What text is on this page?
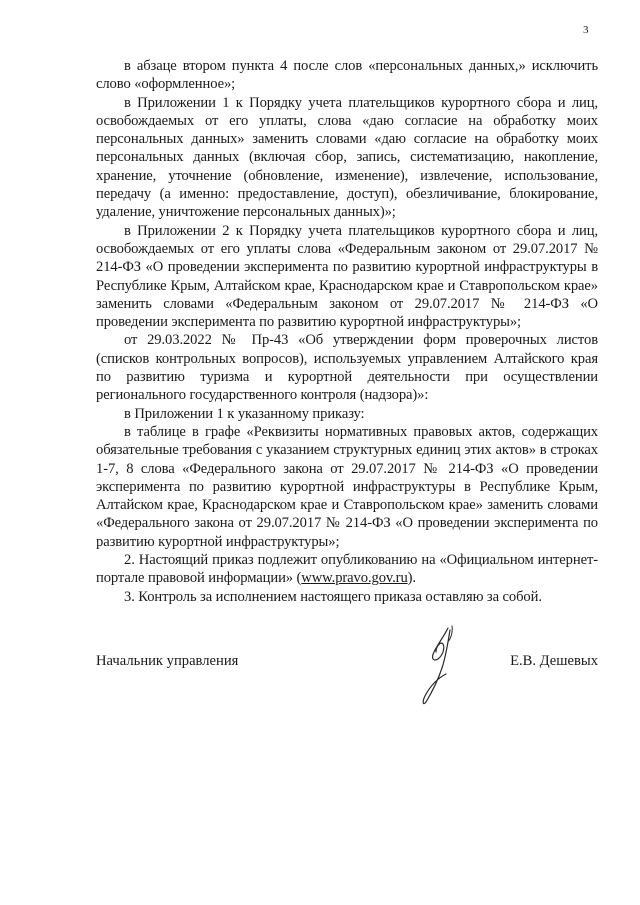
3

в абзаце втором пункта 4 после слов «персональных данных,» исключить слово «оформленное»;

в Приложении 1 к Порядку учета плательщиков курортного сбора и лиц, освобождаемых от его уплаты, слова «даю согласие на обработку моих персональных данных» заменить словами «даю согласие на обработку моих персональных данных (включая сбор, запись, систематизацию, накопление, хранение, уточнение (обновление, изменение), извлечение, использование, передачу (а именно: предоставление, доступ), обезличивание, блокирование, удаление, уничтожение персональных данных)»;

в Приложении 2 к Порядку учета плательщиков курортного сбора и лиц, освобождаемых от его уплаты слова «Федеральным законом от 29.07.2017 № 214-ФЗ «О проведении эксперимента по развитию курортной инфраструктуры в Республике Крым, Алтайском крае, Краснодарском крае и Ставропольском крае» заменить словами «Федеральным законом от 29.07.2017 № 214-ФЗ «О проведении эксперимента по развитию курортной инфраструктуры»;

от 29.03.2022 № Пр-43 «Об утверждении форм проверочных листов (списков контрольных вопросов), используемых управлением Алтайского края по развитию туризма и курортной деятельности при осуществлении регионального государственного контроля (надзора)»:

в Приложении 1 к указанному приказу:

в таблице в графе «Реквизиты нормативных правовых актов, содержащих обязательные требования с указанием структурных единиц этих актов» в строках 1-7, 8 слова «Федерального закона от 29.07.2017 № 214-ФЗ «О проведении эксперимента по развитию курортной инфраструктуры в Республике Крым, Алтайском крае, Краснодарском крае и Ставропольском крае» заменить словами «Федерального закона от 29.07.2017 № 214-ФЗ «О проведении эксперимента по развитию курортной инфраструктуры»;

2. Настоящий приказ подлежит опубликованию на «Официальном интернет-портале правовой информации» (www.pravo.gov.ru).

3. Контроль за исполнением настоящего приказа оставляю за собой.

Начальник управления	Е.В. Дешевых
